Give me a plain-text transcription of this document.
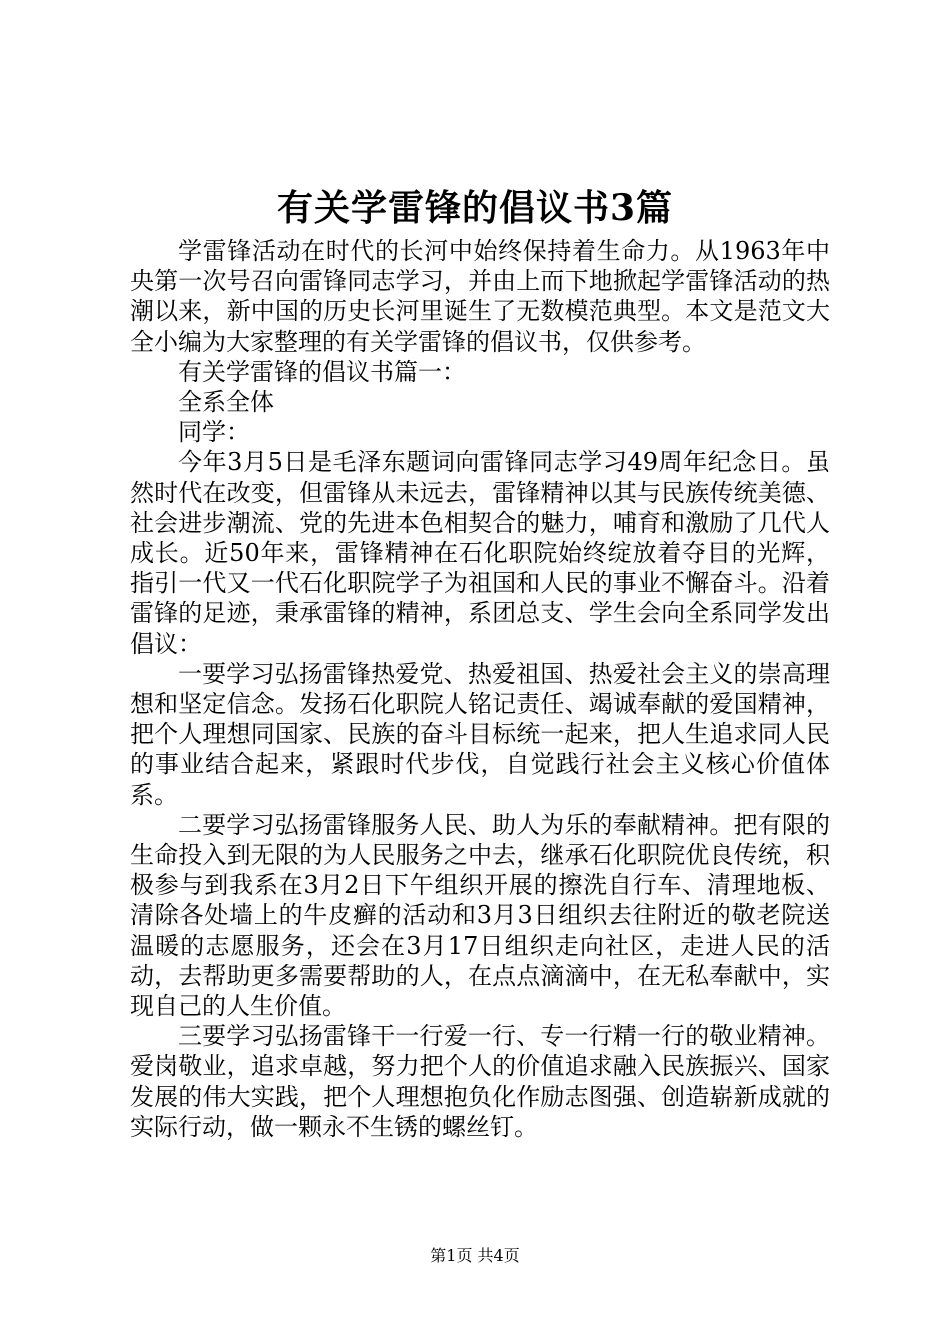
有关学雷锋的倡议书3篇

学雷锋活动在时代的长河中始终保持着生命力。从1963年中央第一次号召向雷锋同志学习，并由上而下地掀起学雷锋活动的热潮以来，新中国的历史长河里诞生了无数模范典型。本文是范文大全小编为大家整理的有关学雷锋的倡议书，仅供参考。

有关学雷锋的倡议书篇一：

全系全体

同学：

今年3月5日是毛泽东题词向雷锋同志学习49周年纪念日。虽然时代在改变，但雷锋从未远去，雷锋精神以其与民族传统美德、社会进步潮流、党的先进本色相契合的魅力，哺育和激励了几代人成长。近50年来，雷锋精神在石化职院始终绽放着夺目的光辉，指引一代又一代石化职院学子为祖国和人民的事业不懈奋斗。沿着雷锋的足迹，秉承雷锋的精神，系团总支、学生会向全系同学发出倡议：

一要学习弘扬雷锋热爱党、热爱祖国、热爱社会主义的崇高理想和坚定信念。发扬石化职院人铭记责任、竭诚奉献的爱国精神，把个人理想同国家、民族的奋斗目标统一起来，把人生追求同人民的事业结合起来，紧跟时代步伐，自觉践行社会主义核心价值体系。

二要学习弘扬雷锋服务人民、助人为乐的奉献精神。把有限的生命投入到无限的为人民服务之中去，继承石化职院优良传统，积极参与到我系在3月2日下午组织开展的擦洗自行车、清理地板、清除各处墙上的牛皮癣的活动和3月3日组织去往附近的敬老院送温暖的志愿服务，还会在3月17日组织走向社区，走进人民的活动，去帮助更多需要帮助的人，在点点滴滴中，在无私奉献中，实现自己的人生价值。

三要学习弘扬雷锋干一行爱一行、专一行精一行的敬业精神。爱岗敬业，追求卓越，努力把个人的价值追求融入民族振兴、国家发展的伟大实践，把个人理想抱负化作励志图强、创造崭新成就的实际行动，做一颗永不生锈的螺丝钉。

第1页 共4页
